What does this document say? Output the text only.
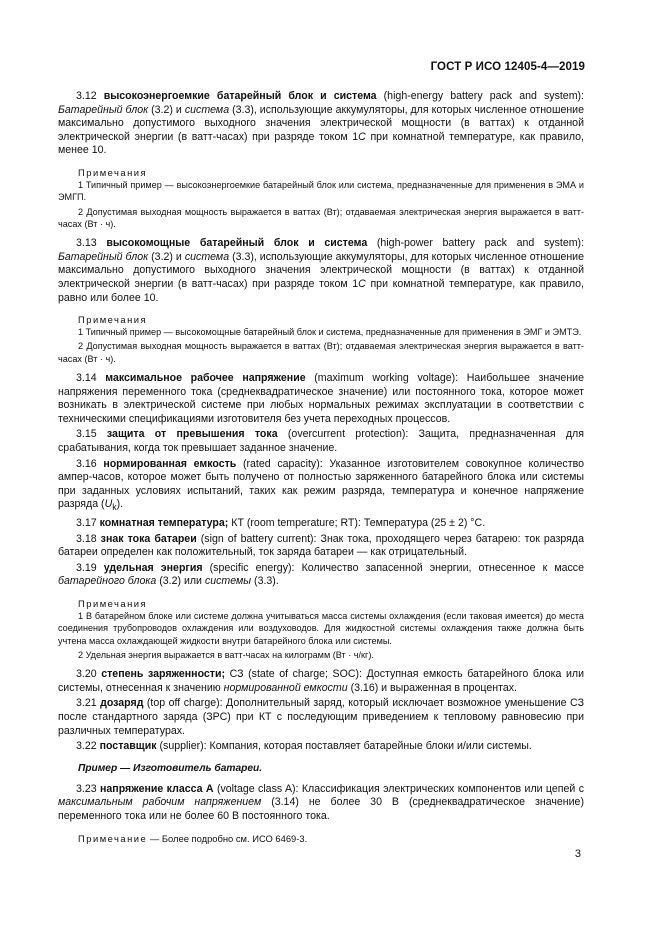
ГОСТ Р ИСО 12405-4—2019

3.12 высокоэнергоемкие батарейный блок и система (high-energy battery pack and system): Батарейный блок (3.2) и система (3.3), использующие аккумуляторы, для которых численное отношение максимально допустимого выходного значения электрической мощности (в ваттах) к отданной электрической энергии (в ватт-часах) при разряде током 1C при комнатной температуре, как правило, менее 10.

Примечания

1 Типичный пример — высокоэнергоемкие батарейный блок или система, предназначенные для применения в ЭМА и ЭМГП.

2 Допустимая выходная мощность выражается в ваттах (Вт); отдаваемая электрическая энергия выражается в ватт-часах (Вт · ч).

3.13 высокомощные батарейный блок и система (high-power battery pack and system): Батарейный блок (3.2) и система (3.3), использующие аккумуляторы, для которых численное отношение максимально допустимого выходного значения электрической мощности (в ваттах) к отданной электрической энергии (в ватт-часах) при разряде током 1C при комнатной температуре, как правило, равно или более 10.

Примечания

1 Типичный пример — высокомощные батарейный блок и система, предназначенные для применения в ЭМГ и ЭМТЭ.

2 Допустимая выходная мощность выражается в ваттах (Вт); отдаваемая электрическая энергия выражается в ватт-часах (Вт · ч).

3.14 максимальное рабочее напряжение (maximum working voltage): Наибольшее значение напряжения переменного тока (среднеквадратическое значение) или постоянного тока, которое может возникать в электрической системе при любых нормальных режимах эксплуатации в соответствии с техническими спецификациями изготовителя без учета переходных процессов.

3.15 защита от превышения тока (overcurrent protection): Защита, предназначенная для срабатывания, когда ток превышает заданное значение.

3.16 нормированная емкость (rated capacity): Указанное изготовителем совокупное количество ампер-часов, которое может быть получено от полностью заряженного батарейного блока или системы при заданных условиях испытаний, таких как режим разряда, температура и конечное напряжение разряда $(U_k)$.

3.17 комнатная температура; КТ (room temperature; RT): Температура (25 ± 2) °C.

3.18 знак тока батареи (sign of battery current): Знак тока, проходящего через батарею: ток разряда батареи определен как положительный, ток заряда батареи — как отрицательный.

3.19 удельная энергия (specific energy): Количество запасенной энергии, отнесенное к массе батарейного блока (3.2) или системы (3.3).

Примечания

1 В батарейном блоке или системе должна учитываться масса системы охлаждения (если таковая имеется) до места соединения трубопроводов охлаждения или воздуховодов. Для жидкостной системы охлаждения также должна быть учтена масса охлаждающей жидкости внутри батарейного блока или системы.

2 Удельная энергия выражается в ватт-часах на килограмм (Вт · ч/кг).

3.20 степень заряженности; СЗ (state of charge; SOC): Доступная емкость батарейного блока или системы, отнесенная к значению нормированной емкости (3.16) и выраженная в процентах.

3.21 дозаряд (top off charge): Дополнительный заряд, который исключает возможное уменьшение СЗ после стандартного заряда (ЗРС) при КТ с последующим приведением к тепловому равновесию при различных температурах.

3.22 поставщик (supplier): Компания, которая поставляет батарейные блоки и/или системы.

Пример — Изготовитель батареи.

3.23 напряжение класса А (voltage class A): Классификация электрических компонентов или цепей с максимальным рабочим напряжением (3.14) не более 30 В (среднеквадратическое значение) переменного тока или не более 60 В постоянного тока.

Примечание — Более подробно см. ИСО 6469-3.
3
